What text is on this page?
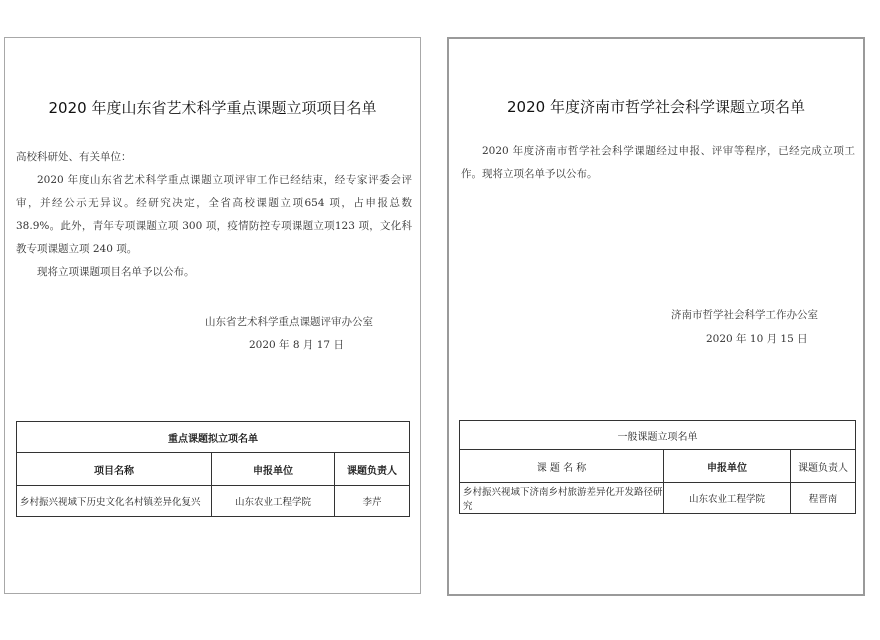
2020 年度山东省艺术科学重点课题立项项目名单

高校科研处、有关单位：

2020 年度山东省艺术科学重点课题立项评审工作已经结束，经专家评委会评审，并经公示无异议。经研究决定，全省高校课题立项654 项，占申报总数 38.9%。此外，青年专项课题立项 300 项，疫情防控专项课题立项123 项，文化科教专项课题立项 240 项。

现将立项课题项目名单予以公布。

山东省艺术科学重点课题评审办公室
2020 年 8 月 17 日
重点课题拟立项名单		
项目名称	申报单位	课题负责人
乡村振兴视域下历史文化名村镇差异化复兴	山东农业工程学院	李芹
2020 年度济南市哲学社会科学课题立项名单

2020 年度济南市哲学社会科学课题经过申报、评审等程序，已经完成立项工作。现将立项名单予以公布。

济南市哲学社会科学工作办公室
2020 年 10 月 15 日
一般课题立项名单		
课 题 名 称	申报单位	课题负责人
乡村振兴视域下济南乡村旅游差异化开发路径研究	山东农业工程学院	程晋南
